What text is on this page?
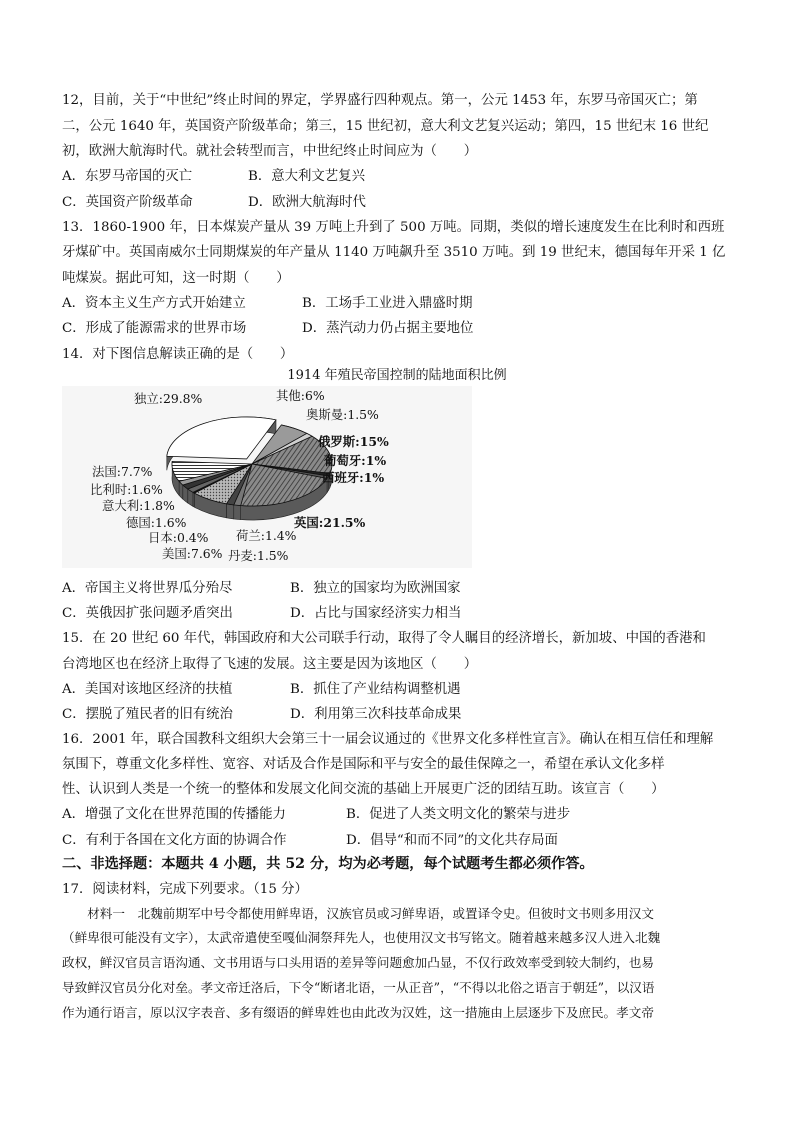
12，目前，关于“中世纪”终止时间的界定，学界盛行四种观点。第一，公元 1453 年，东罗马帝国灭亡；第
二，公元 1640 年，英国资产阶级革命；第三，15 世纪初，意大利文艺复兴运动；第四，15 世纪末 16 世纪
初，欧洲大航海时代。就社会转型而言，中世纪终止时间应为（　　）
A．东罗马帝国的灭亡	B．意大利文艺复兴
C．英国资产阶级革命	D．欧洲大航海时代
13．1860-1900 年，日本煤炭产量从 39 万吨上升到了 500 万吨。同期，类似的增长速度发生在比利时和西班
牙煤矿中。英国南威尔士同期煤炭的年产量从 1140 万吨飙升至 3510 万吨。到 19 世纪末，德国每年开采 1 亿
吨煤炭。据此可知，这一时期（　　）
A．资本主义生产方式开始建立	B．工场手工业进入鼎盛时期
C．形成了能源需求的世界市场	D．蒸汽动力仍占据主要地位
14．对下图信息解读正确的是（　　）
1914 年殖民帝国控制的陆地面积比例
独立:29.8%	其他:6%
奥斯曼:1.5%
俄罗斯:15%
葡萄牙:1%
西班牙:1%
英国:21.5%
荷兰:1.4%
丹麦:1.5%
美国:7.6%
日本:0.4%
德国:1.6%
意大利:1.8%
比利时:1.6%
法国:7.7%
A．帝国主义将世界瓜分殆尽	B．独立的国家均为欧洲国家
C．英俄因扩张问题矛盾突出	D．占比与国家经济实力相当
15．在 20 世纪 60 年代，韩国政府和大公司联手行动，取得了令人瞩目的经济增长，新加坡、中国的香港和
台湾地区也在经济上取得了飞速的发展。这主要是因为该地区（　　）
A．美国对该地区经济的扶植	B．抓住了产业结构调整机遇
C．摆脱了殖民者的旧有统治	D．利用第三次科技革命成果
16．2001 年，联合国教科文组织大会第三十一届会议通过的《世界文化多样性宣言》。确认在相互信任和理解
氛围下，尊重文化多样性、宽容、对话及合作是国际和平与安全的最佳保障之一，希望在承认文化多样
性、认识到人类是一个统一的整体和发展文化间交流的基础上开展更广泛的团结互助。该宣言（　　）
A．增强了文化在世界范围的传播能力	B．促进了人类文明文化的繁荣与进步
C．有利于各国在文化方面的协调合作	D．倡导“和而不同”的文化共存局面
二、非选择题：本题共 4 小题，共 52 分，均为必考题，每个试题考生都必须作答。
17．阅读材料，完成下列要求。（15 分）
　　材料一　北魏前期军中号令都使用鲜卑语，汉族官员或习鲜卑语，或置译令史。但彼时文书则多用汉文
（鲜卑很可能没有文字），太武帝遣使至嘎仙洞祭拜先人，也使用汉文书写铭文。随着越来越多汉人进入北魏
政权，鲜汉官员言语沟通、文书用语与口头用语的差异等问题愈加凸显，不仅行政效率受到较大制约，也易
导致鲜汉官员分化对垒。孝文帝迁洛后，下令“断诸北语，一从正音”，“不得以北俗之语言于朝廷”，以汉语
作为通行语言，原以汉字表音、多有缀语的鲜卑姓也由此改为汉姓，这一措施由上层逐步下及庶民。孝文帝
